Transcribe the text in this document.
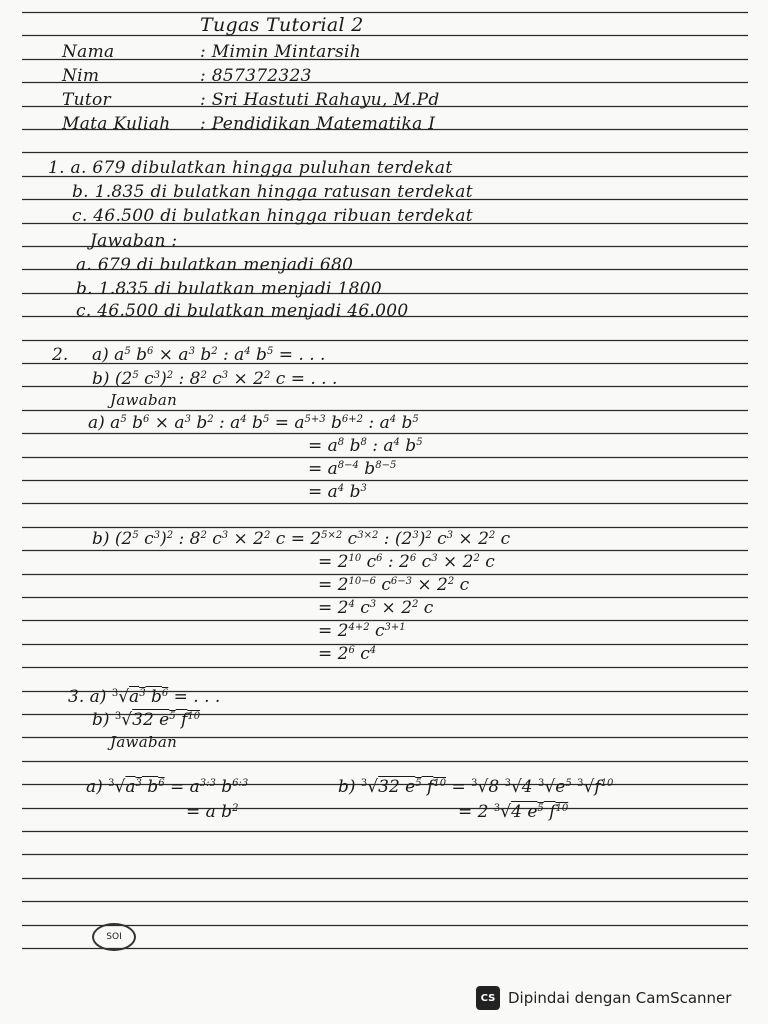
Tugas Tutorial 2
Nama	: Mimin Mintarsih
Nim	: 857372323
Tutor	: Sri Hastuti Rahayu, M.Pd
Mata Kuliah : Pendidikan Matematika I
1. a. 679 dibulatkan hingga puluhan terdekat
b. 1.835 di bulatkan hingga ratusan terdekat
c. 46.500 di bulatkan hingga ribuan terdekat
Jawaban :
a. 679 di bulatkan menjadi 680
b. 1.835 di bulatkan menjadi 1800
c. 46.500 di bulatkan menjadi 46.000
2. a) $a^5$ $b^6 \times a^3$ $b^2$ : $a^4$ $b^5$ = . . .
b) ($2^5$ $c^3)^2$ : $8^2$ $c^3 \times 2^2$ c = . . .
Jawaban
a) $a^5$ $b^6 \times a^3$ $b^2$ : $a^4$ $b^5 = a^{5+3}$ $b^{6+2}$ : $a^4$ $b^5$
= $a^8$ $b^8$ : $a^4$ $b^5$
= $a^{8-4}$ $b^{8-5}$
= $a^4$ $b^3$
b) ($2^5$ $c^3)^2$ : $8^2$ $c^3 \times 2^2$ $c = 2^{5\times 2}$ $c^{3\times 2}$ : $(2^3)^2$ $c^3 \times 2^2$ c
= $2^{10}$ $c^6$ : $2^6$ $c^3 \times 2^2$ c
= $2^{10-6}$ $c^{6-3} \times 2^2$ c
= $2^4$ $c^3 \times 2^2$ c
= $2^{4+2}$ $c^{3+1}$
= $2^6$ $c^4$
3. a) $^3√a^3$ $b^6$ = . . .
b) $^3$√32 $e^5$ $f^{10}$
Jawaban
a) $^3√a^3$ $b^6 = a^{3:3}$ $b^{6:3}$
= a $b^2$
b) $^3$√32 $e^5$ $f^{10} = ^3√8$ $^3$√4 $^3√e^5$ $^3√f^{10}$
= 2 $^3$√4 $e^5$ $f^{10}$
SOI
CS Dipindai dengan CamScanner
